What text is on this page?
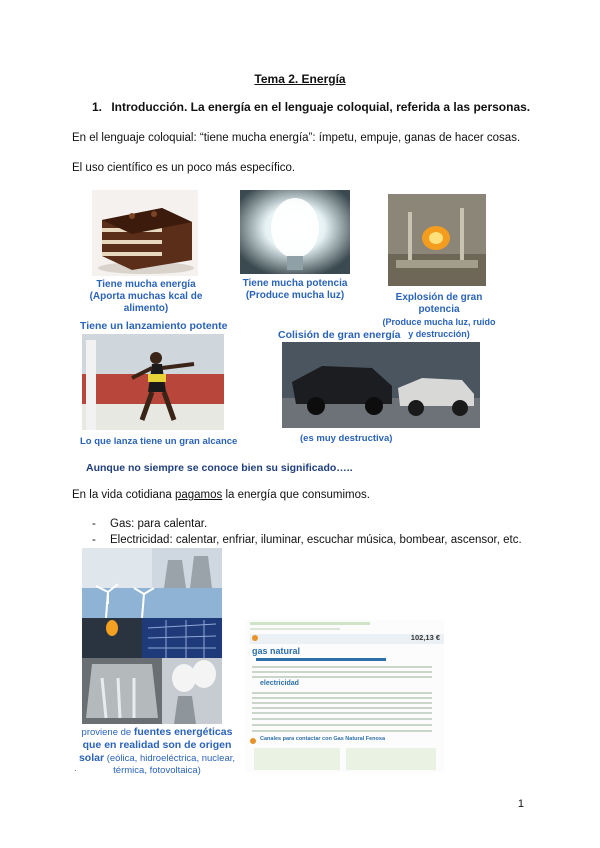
Tema 2. Energía
1. Introducción. La energía en el lenguaje coloquial, referida a las personas.
En el lenguaje coloquial: “tiene mucha energía”: ímpetu, empuje, ganas de hacer cosas.
El uso científico es un poco más específico.
Tiene mucha energía
(Aporta muchas kcal de alimento)
Tiene mucha potencia
(Produce mucha luz)	Explosión de gran potencia
(Produce mucha luz, ruido y destrucción)
Tiene un lanzamiento potente
Lo que lanza tiene un gran alcance
Colisión de gran energía
(es muy destructiva)
Aunque no siempre se conoce bien su significado…..
En la vida cotidiana pagamos la energía que consumimos.
- Gas: para calentar.
- Electricidad: calentar, enfriar, iluminar, escuchar música, bombear, ascensor, etc.
proviene de fuentes energéticas que en realidad son de origen solar (eólica, hidroeléctrica, nuclear, térmica, fotovoltaica)
102,13 €
gas natural
electricidad
Canales para contactar con Gas Natural Fenosa
·
1
